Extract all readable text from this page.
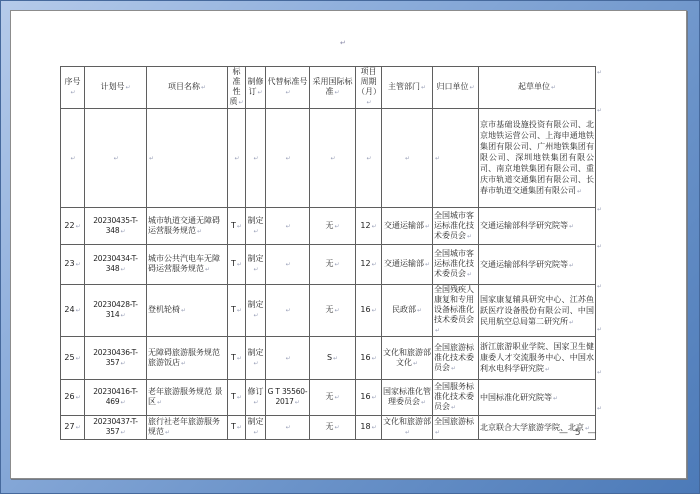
↵
序号 ↵	计划号 ↵	项目名称 ↵	标准性质 ↵	制修订 ↵	代替标准号 ↵	采用国际标准 ↵	项目周期（月） ↵	主管部门 ↵	归口单位 ↵	起草单位 ↵
↵	↵	↵	↵	↵	↵	↵	↵	↵	↵	京市基础设施投资有限公司、北京地铁运营公司、上海申通地铁集团有限公司、广州地铁集团有限公司、深圳地铁集团有限公司、南京地铁集团有限公司、重庆市轨道交通集团有限公司、长春市轨道交通集团有限公司 ↵
22 ↵	20230435-T-348 ↵	城市轨道交通无障碍运营服务规范 ↵	T ↵	制定 ↵	↵	无 ↵	12 ↵	交通运输部 ↵	全国城市客运标准化技术委员会 ↵	交通运输部科学研究院等 ↵
23 ↵	20230434-T-348 ↵	城市公共汽电车无障碍运营服务规范 ↵	T ↵	制定 ↵	↵	无 ↵	12 ↵	交通运输部 ↵	全国城市客运标准化技术委员会 ↵	交通运输部科学研究院等 ↵
24 ↵	20230428-T-314 ↵	登机轮椅 ↵	T ↵	制定 ↵	↵	无 ↵	16 ↵	民政部 ↵	全国残疾人康复和专用设备标准化技术委员会 ↵	国家康复辅具研究中心、江苏鱼跃医疗设备股份有限公司、中国民用航空总局第二研究所 ↵
25 ↵	20230436-T-357 ↵	无障碍旅游服务规范 旅游饭店 ↵	T ↵	制定 ↵	↵	S ↵	16 ↵	文化和旅游部 文化 ↵	全国旅游标准化技术委员会 ↵	浙江旅游职业学院、国家卫生健康委人才交流服务中心、中国水利水电科学研究院 ↵
26 ↵	20230416-T-469 ↵	老年旅游服务规范 景区 ↵	T ↵	修订 ↵	G T 35560-2017 ↵	无 ↵	16 ↵	国家标准化管理委员会 ↵	全国服务标准化技术委员会 ↵	中国标准化研究院等 ↵
27 ↵	20230437-T-357 ↵	旅行社老年旅游服务规范 ↵	T ↵	制定 ↵	↵	无 ↵	18 ↵	文化和旅游部 ↵	全国旅游标 ↵	北京联合大学旅游学院、北京 ↵
— 5 —
↵
↵
↵
↵
↵
↵
↵
↵
